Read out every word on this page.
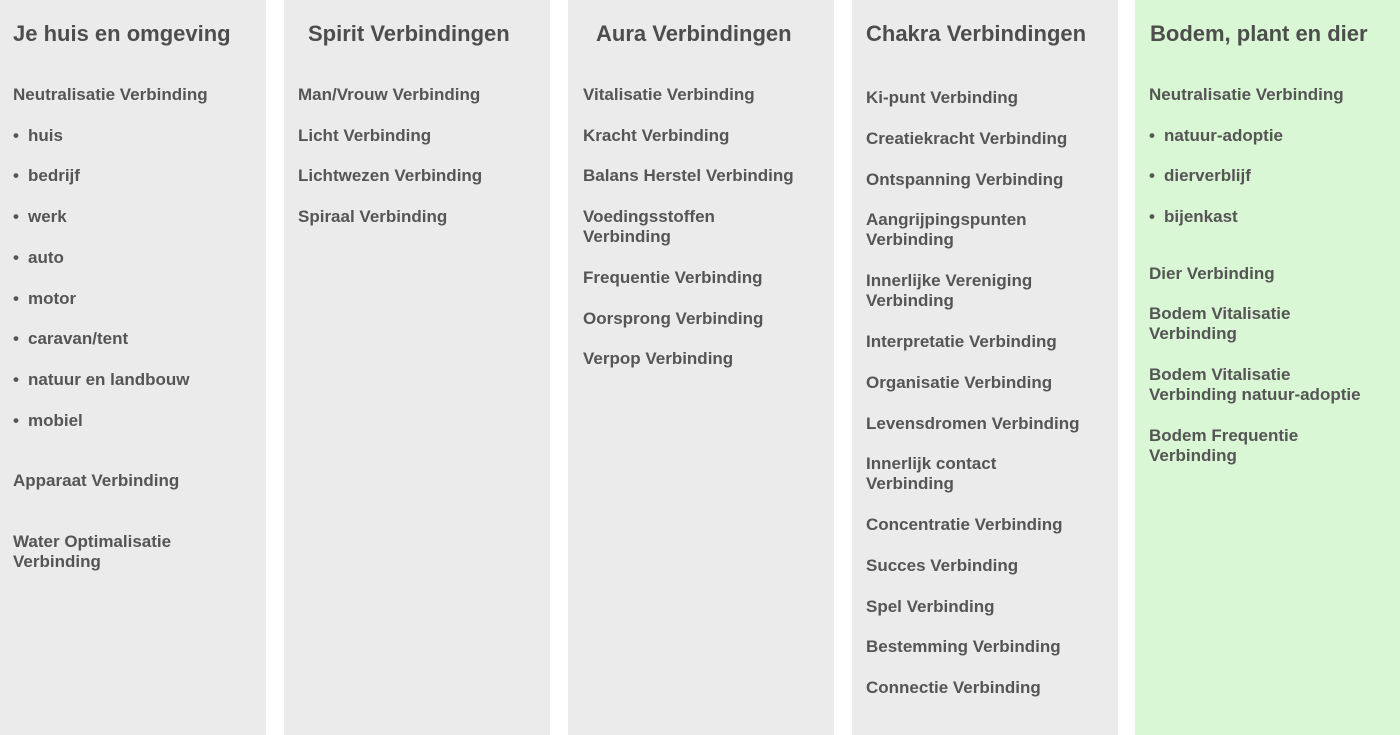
Je huis en omgeving
Neutralisatie Verbinding
• huis
• bedrijf
• werk
• auto
• motor
• caravan/tent
• natuur en landbouw
• mobiel
Apparaat Verbinding
Water Optimalisatie
Verbinding
Spirit Verbindingen
Man/Vrouw Verbinding
Licht Verbinding
Lichtwezen Verbinding
Spiraal Verbinding
Aura Verbindingen
Vitalisatie Verbinding
Kracht Verbinding
Balans Herstel Verbinding
Voedingsstoffen
Verbinding
Frequentie Verbinding
Oorsprong Verbinding
Verpop Verbinding
Chakra Verbindingen
Ki-punt Verbinding
Creatiekracht Verbinding
Ontspanning Verbinding
Aangrijpingspunten
Verbinding
Innerlijke Vereniging
Verbinding
Interpretatie Verbinding
Organisatie Verbinding
Levensdromen Verbinding
Innerlijk contact
Verbinding
Concentratie Verbinding
Succes Verbinding
Spel Verbinding
Bestemming Verbinding
Connectie Verbinding
Bodem, plant en dier
Neutralisatie Verbinding
• natuur-adoptie
• dierverblijf
• bijenkast
Dier Verbinding
Bodem Vitalisatie
Verbinding
Bodem Vitalisatie
Verbinding natuur-adoptie
Bodem Frequentie
Verbinding
